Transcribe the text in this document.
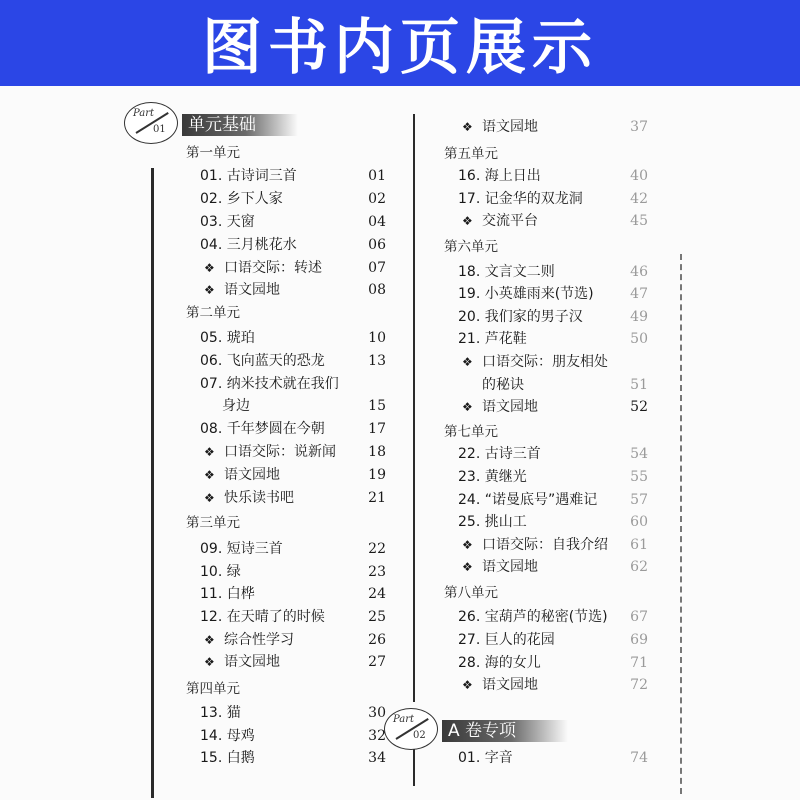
图书内页展示
Part
01	单元基础
Part
02	A 卷专项
第一单元
第二单元
第三单元
第四单元
01. 古诗词三首	01
02. 乡下人家	02
03. 天窗	04
04. 三月桃花水	06
❖ 口语交际：转述	07
❖ 语文园地	08
05. 琥珀	10
06. 飞向蓝天的恐龙	13
07. 纳米技术就在我们
身边	15
08. 千年梦圆在今朝	17
❖ 口语交际：说新闻	18
❖ 语文园地	19
❖ 快乐读书吧	21
09. 短诗三首	22
10. 绿	23
11. 白桦	24
12. 在天晴了的时候	25
❖ 综合性学习	26
❖ 语文园地	27
13. 猫	30
14. 母鸡	32
15. 白鹅	34
第五单元
第六单元
第七单元
第八单元
❖ 语文园地	37
16. 海上日出	40
17. 记金华的双龙洞	42
❖ 交流平台	45
18. 文言文二则	46
19. 小英雄雨来(节选)	47
20. 我们家的男子汉	49
21. 芦花鞋	50
❖ 口语交际：朋友相处
的秘诀	51
❖ 语文园地	52
22. 古诗三首	54
23. 黄继光	55
24. “诺曼底号”遇难记	57
25. 挑山工	60
❖ 口语交际：自我介绍	61
❖ 语文园地	62
26. 宝葫芦的秘密(节选)	67
27. 巨人的花园	69
28. 海的女儿	71
❖ 语文园地	72
01. 字音	74
